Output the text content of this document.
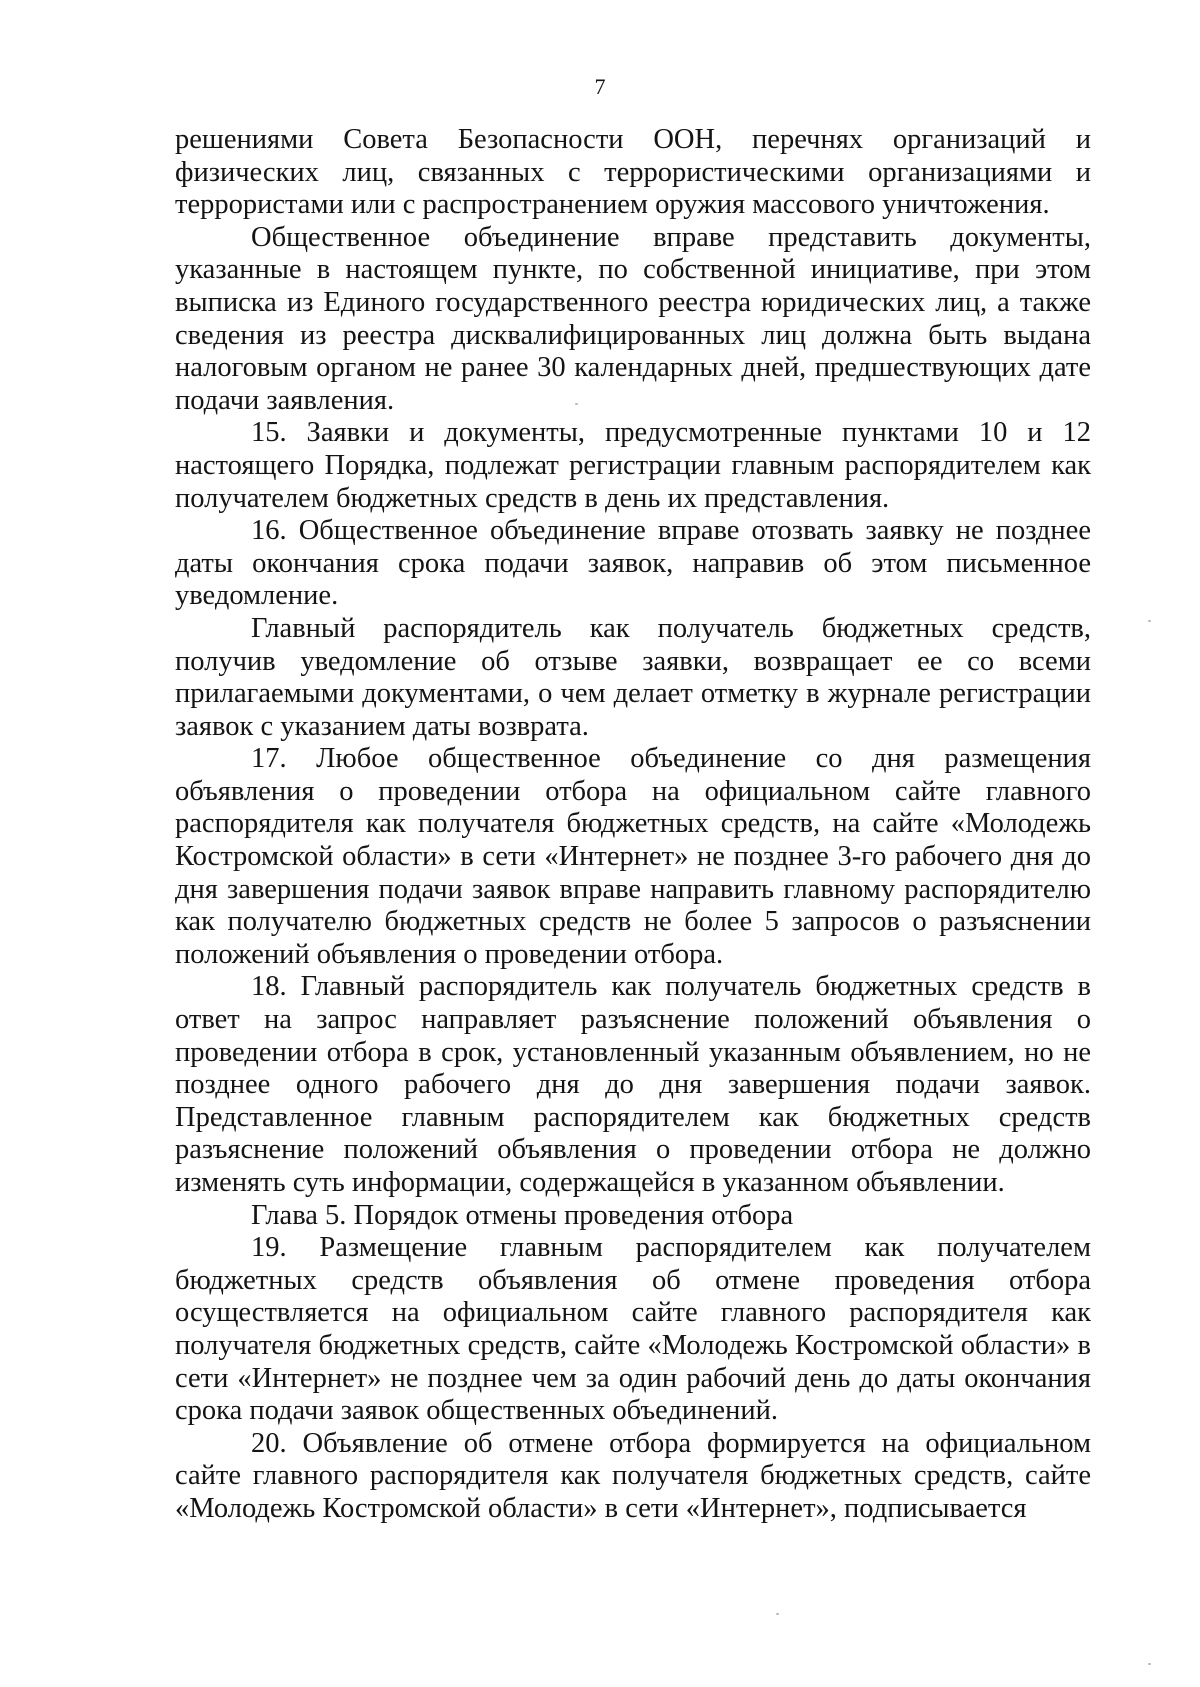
7

решениями Совета Безопасности ООН, перечнях организаций и физических лиц, связанных с террористическими организациями и террористами или с распространением оружия массового уничтожения.

Общественное объединение вправе представить документы, указанные в настоящем пункте, по собственной инициативе, при этом выписка из Единого государственного реестра юридических лиц, а также сведения из реестра дисквалифицированных лиц должна быть выдана налоговым органом не ранее 30 календарных дней, предшествующих дате подачи заявления.

15. Заявки и документы, предусмотренные пунктами 10 и 12 настоящего Порядка, подлежат регистрации главным распорядителем как получателем бюджетных средств в день их представления.

16. Общественное объединение вправе отозвать заявку не позднее даты окончания срока подачи заявок, направив об этом письменное уведомление.

Главный распорядитель как получатель бюджетных средств, получив уведомление об отзыве заявки, возвращает ее со всеми прилагаемыми документами, о чем делает отметку в журнале регистрации заявок с указанием даты возврата.

17. Любое общественное объединение со дня размещения объявления о проведении отбора на официальном сайте главного распорядителя как получателя бюджетных средств, на сайте «Молодежь Костромской области» в сети «Интернет» не позднее 3-го рабочего дня до дня завершения подачи заявок вправе направить главному распорядителю как получателю бюджетных средств не более 5 запросов о разъяснении положений объявления о проведении отбора.

18. Главный распорядитель как получатель бюджетных средств в ответ на запрос направляет разъяснение положений объявления о проведении отбора в срок, установленный указанным объявлением, но не позднее одного рабочего дня до дня завершения подачи заявок. Представленное главным распорядителем как бюджетных средств разъяснение положений объявления о проведении отбора не должно изменять суть информации, содержащейся в указанном объявлении.

Глава 5. Порядок отмены проведения отбора

19. Размещение главным распорядителем как получателем бюджетных средств объявления об отмене проведения отбора осуществляется на официальном сайте главного распорядителя как получателя бюджетных средств, сайте «Молодежь Костромской области» в сети «Интернет» не позднее чем за один рабочий день до даты окончания срока подачи заявок общественных объединений.

20. Объявление об отмене отбора формируется на официальном сайте главного распорядителя как получателя бюджетных средств, сайте «Молодежь Костромской области» в сети «Интернет», подписывается
